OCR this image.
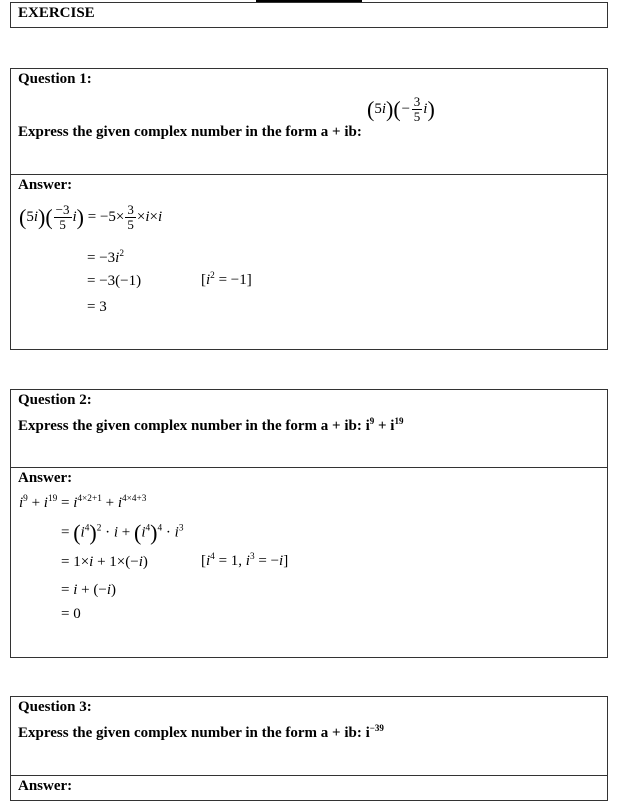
EXERCISE
Question 1:
Express the given complex number in the form a + ib:
$(5i)(- \frac{3}{5} i)$
Answer:
$(5i)( \frac{-3}{5} i) = -5\times \frac{3}{5} \times i\times i$
= $-3i^2$
= −3(−1)	$[i^2 = -1]$
= 3
Question 2:
Express the given complex number in the form a + ib: $i^9 + i^{19}$
Answer:
$i^9 + i^{19} = i^{4\times 2+1} + i^{4\times 4+3}$
= $(i^4)^2 \cdot i + (i^4)^4 \cdot i^3$
= 1×i + 1×(−i)	[$i^4 = 1$, $i^3 = -i$]
= i + (−i)
= 0
Question 3:
Express the given complex number in the form a + ib: $i^{-39}$
Answer:
